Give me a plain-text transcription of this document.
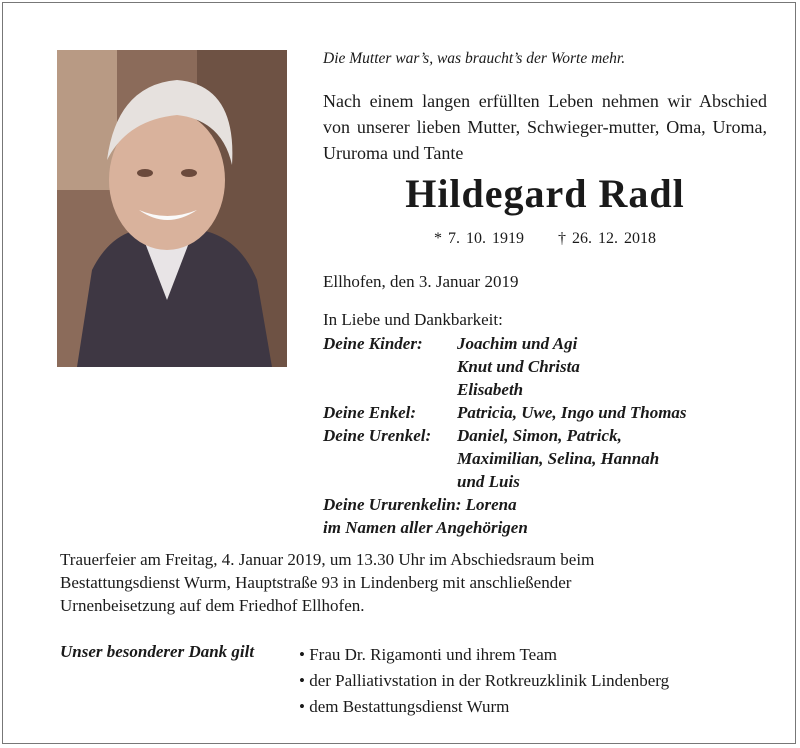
Die Mutter war’s, was braucht’s der Worte mehr.
Nach einem langen erfüllten Leben nehmen wir Abschied von unserer lieben Mutter, Schwieger-mutter, Oma, Uroma, Ururoma und Tante
Hildegard Radl
* 7. 10. 1919 † 26. 12. 2018
Ellhofen, den 3. Januar 2019
In Liebe und Dankbarkeit:
Deine Kinder:	Joachim und Agi
Knut und Christa
Elisabeth
Deine Enkel:	Patricia, Uwe, Ingo und Thomas
Deine Urenkel:	Daniel, Simon, Patrick,
Maximilian, Selina, Hannah
und Luis
Deine Ururenkelin: Lorena
im Namen aller Angehörigen
Trauerfeier am Freitag, 4. Januar 2019, um 13.30 Uhr im Abschiedsraum beim
Bestattungsdienst Wurm, Hauptstraße 93 in Lindenberg mit anschließender
Urnenbeisetzung auf dem Friedhof Ellhofen.
Unser besonderer Dank gilt
•	Frau Dr. Rigamonti und ihrem Team
• der Palliativstation in der Rotkreuzklinik Lindenberg
• dem Bestattungsdienst Wurm
